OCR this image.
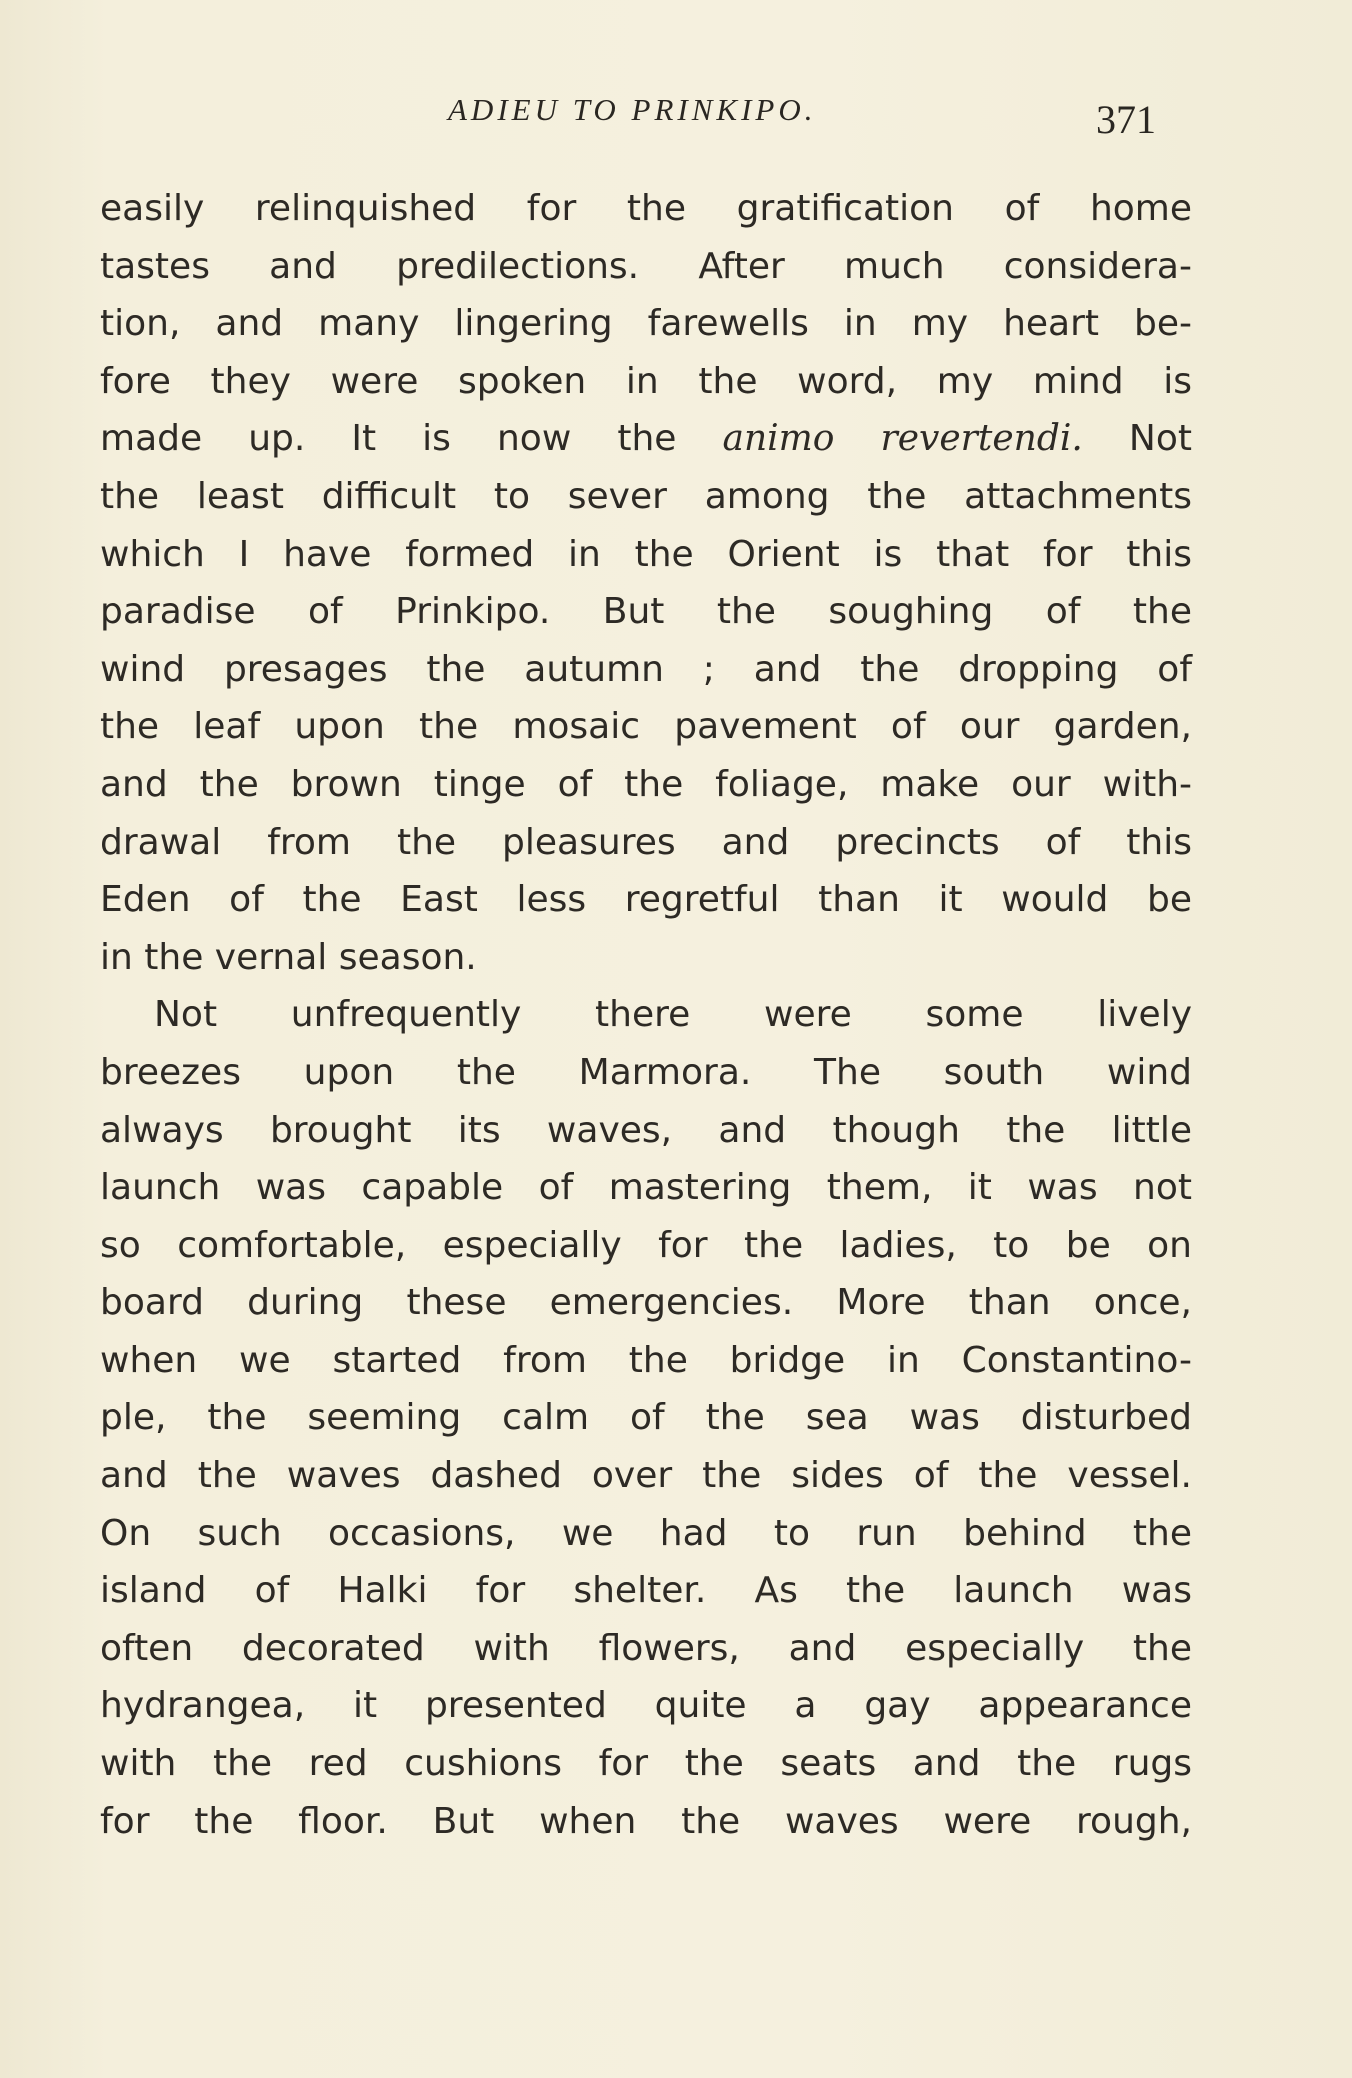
ADIEU TO PRINKIPO.	371
easily relinquished for the gratification of home
tastes and predilections. After much considera-
tion, and many lingering farewells in my heart be-
fore they were spoken in the word, my mind is
made up. It is now the animo revertendi. Not
the least difficult to sever among the attachments
which I have formed in the Orient is that for this
paradise of Prinkipo. But the soughing of the
wind presages the autumn ; and the dropping of
the leaf upon the mosaic pavement of our garden,
and the brown tinge of the foliage, make our with-
drawal from the pleasures and precincts of this
Eden of the East less regretful than it would be
in the vernal season.
Not unfrequently there were some lively
breezes upon the Marmora. The south wind
always brought its waves, and though the little
launch was capable of mastering them, it was not
so comfortable, especially for the ladies, to be on
board during these emergencies. More than once,
when we started from the bridge in Constantino-
ple, the seeming calm of the sea was disturbed
and the waves dashed over the sides of the vessel.
On such occasions, we had to run behind the
island of Halki for shelter. As the launch was
often decorated with flowers, and especially the
hydrangea, it presented quite a gay appearance
with the red cushions for the seats and the rugs
for the floor. But when the waves were rough,
